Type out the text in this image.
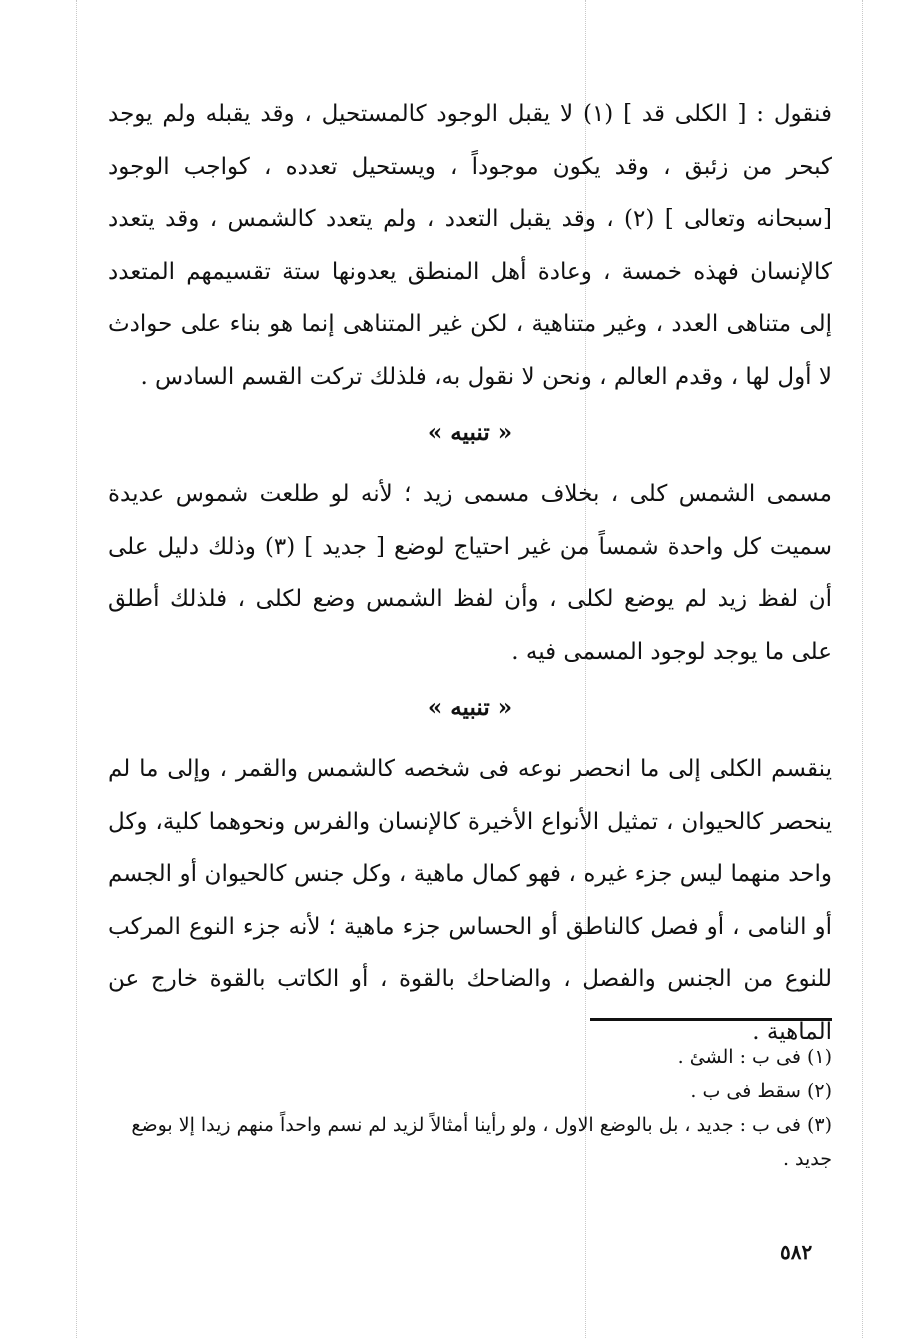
فنقول : [ الكلى قد ] (١) لا يقبل الوجود كالمستحيل ، وقد يقبله ولم يوجد كبحر من زئبق ، وقد يكون موجوداً ، ويستحيل تعدده ، كواجب الوجود [سبحانه وتعالى ] (٢) ، وقد يقبل التعدد ، ولم يتعدد كالشمس ، وقد يتعدد كالإنسان فهذه خمسة ، وعادة أهل المنطق يعدونها ستة تقسيمهم المتعدد إلى متناهى العدد ، وغير متناهية ، لكن غير المتناهى إنما هو بناء على حوادث لا أول لها ، وقدم العالم ، ونحن لا نقول به، فلذلك تركت القسم السادس .

« تنبيه »

مسمى الشمس كلى ، بخلاف مسمى زيد ؛ لأنه لو طلعت شموس عديدة سميت كل واحدة شمساً من غير احتياج لوضع [ جديد ] (٣) وذلك دليل على أن لفظ زيد لم يوضع لكلى ، وأن لفظ الشمس وضع لكلى ، فلذلك أطلق على ما يوجد لوجود المسمى فيه .

« تنبيه »

ينقسم الكلى إلى ما انحصر نوعه فى شخصه كالشمس والقمر ، وإلى ما لم ينحصر كالحيوان ، تمثيل الأنواع الأخيرة كالإنسان والفرس ونحوهما كلية، وكل واحد منهما ليس جزء غيره ، فهو كمال ماهية ، وكل جنس كالحيوان أو الجسم أو النامى ، أو فصل كالناطق أو الحساس جزء ماهية ؛ لأنه جزء النوع المركب للنوع من الجنس والفصل ، والضاحك بالقوة ، أو الكاتب بالقوة خارج عن الماهية .

(١) فى ب : الشئ .

(٢) سقط فى ب .

(٣) فى ب : جديد ، بل بالوضع الاول ، ولو رأينا أمثالاً لزيد لم نسم واحداً منهم زيدا إلا بوضع جديد .

٥٨٢
